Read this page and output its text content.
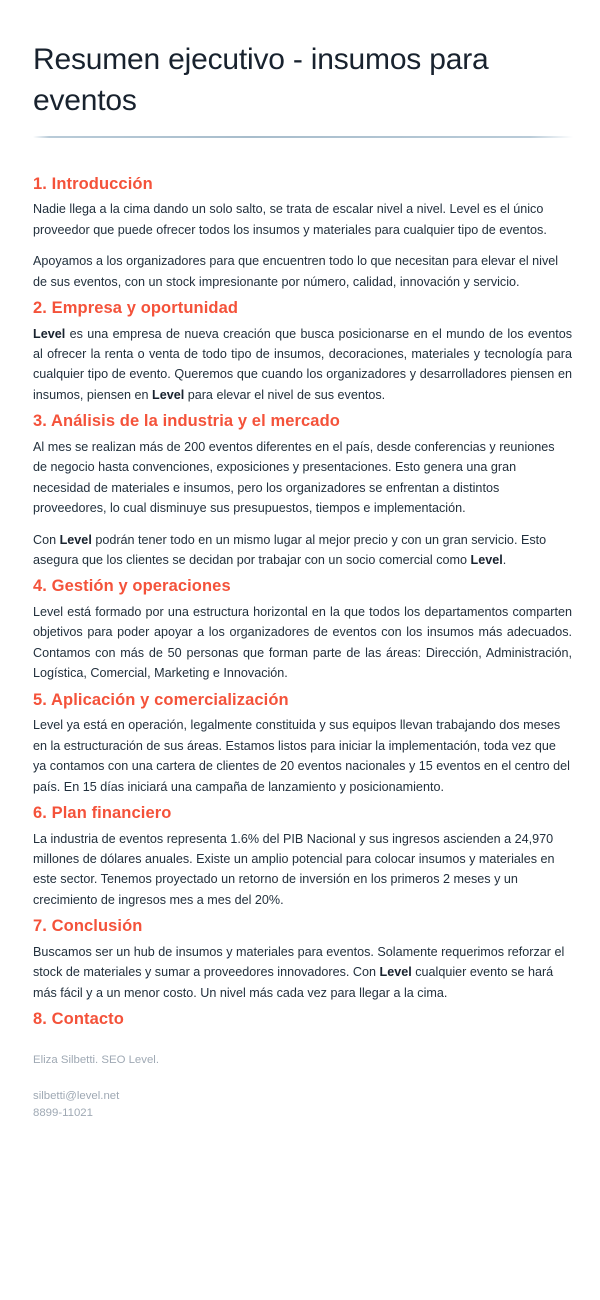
Resumen ejecutivo - insumos para eventos
1. Introducción

Nadie llega a la cima dando un solo salto, se trata de escalar nivel a nivel. Level es el único proveedor que puede ofrecer todos los insumos y materiales para cualquier tipo de eventos.

Apoyamos a los organizadores para que encuentren todo lo que necesitan para elevar el nivel de sus eventos, con un stock impresionante por número, calidad, innovación y servicio.

2. Empresa y oportunidad

Level es una empresa de nueva creación que busca posicionarse en el mundo de los eventos al ofrecer la renta o venta de todo tipo de insumos, decoraciones, materiales y tecnología para cualquier tipo de evento. Queremos que cuando los organizadores y desarrolladores piensen en insumos, piensen en Level para elevar el nivel de sus eventos.

3. Análisis de la industria y el mercado

Al mes se realizan más de 200 eventos diferentes en el país, desde conferencias y reuniones de negocio hasta convenciones, exposiciones y presentaciones. Esto genera una gran necesidad de materiales e insumos, pero los organizadores se enfrentan a distintos proveedores, lo cual disminuye sus presupuestos, tiempos e implementación.

Con Level podrán tener todo en un mismo lugar al mejor precio y con un gran servicio. Esto asegura que los clientes se decidan por trabajar con un socio comercial como Level.

4. Gestión y operaciones

Level está formado por una estructura horizontal en la que todos los departamentos comparten objetivos para poder apoyar a los organizadores de eventos con los insumos más adecuados. Contamos con más de 50 personas que forman parte de las áreas: Dirección, Administración, Logística, Comercial, Marketing e Innovación.

5. Aplicación y comercialización

Level ya está en operación, legalmente constituida y sus equipos llevan trabajando dos meses en la estructuración de sus áreas. Estamos listos para iniciar la implementación, toda vez que ya contamos con una cartera de clientes de 20 eventos nacionales y 15 eventos en el centro del país. En 15 días iniciará una campaña de lanzamiento y posicionamiento.

6. Plan financiero

La industria de eventos representa 1.6% del PIB Nacional y sus ingresos ascienden a 24,970 millones de dólares anuales. Existe un amplio potencial para colocar insumos y materiales en este sector. Tenemos proyectado un retorno de inversión en los primeros 2 meses y un crecimiento de ingresos mes a mes del 20%.

7. Conclusión

Buscamos ser un hub de insumos y materiales para eventos. Solamente requerimos reforzar el stock de materiales y sumar a proveedores innovadores. Con Level cualquier evento se hará más fácil y a un menor costo. Un nivel más cada vez para llegar a la cima.

8. Contacto

Eliza Silbetti. SEO Level.

silbetti@level.net

8899-11021
